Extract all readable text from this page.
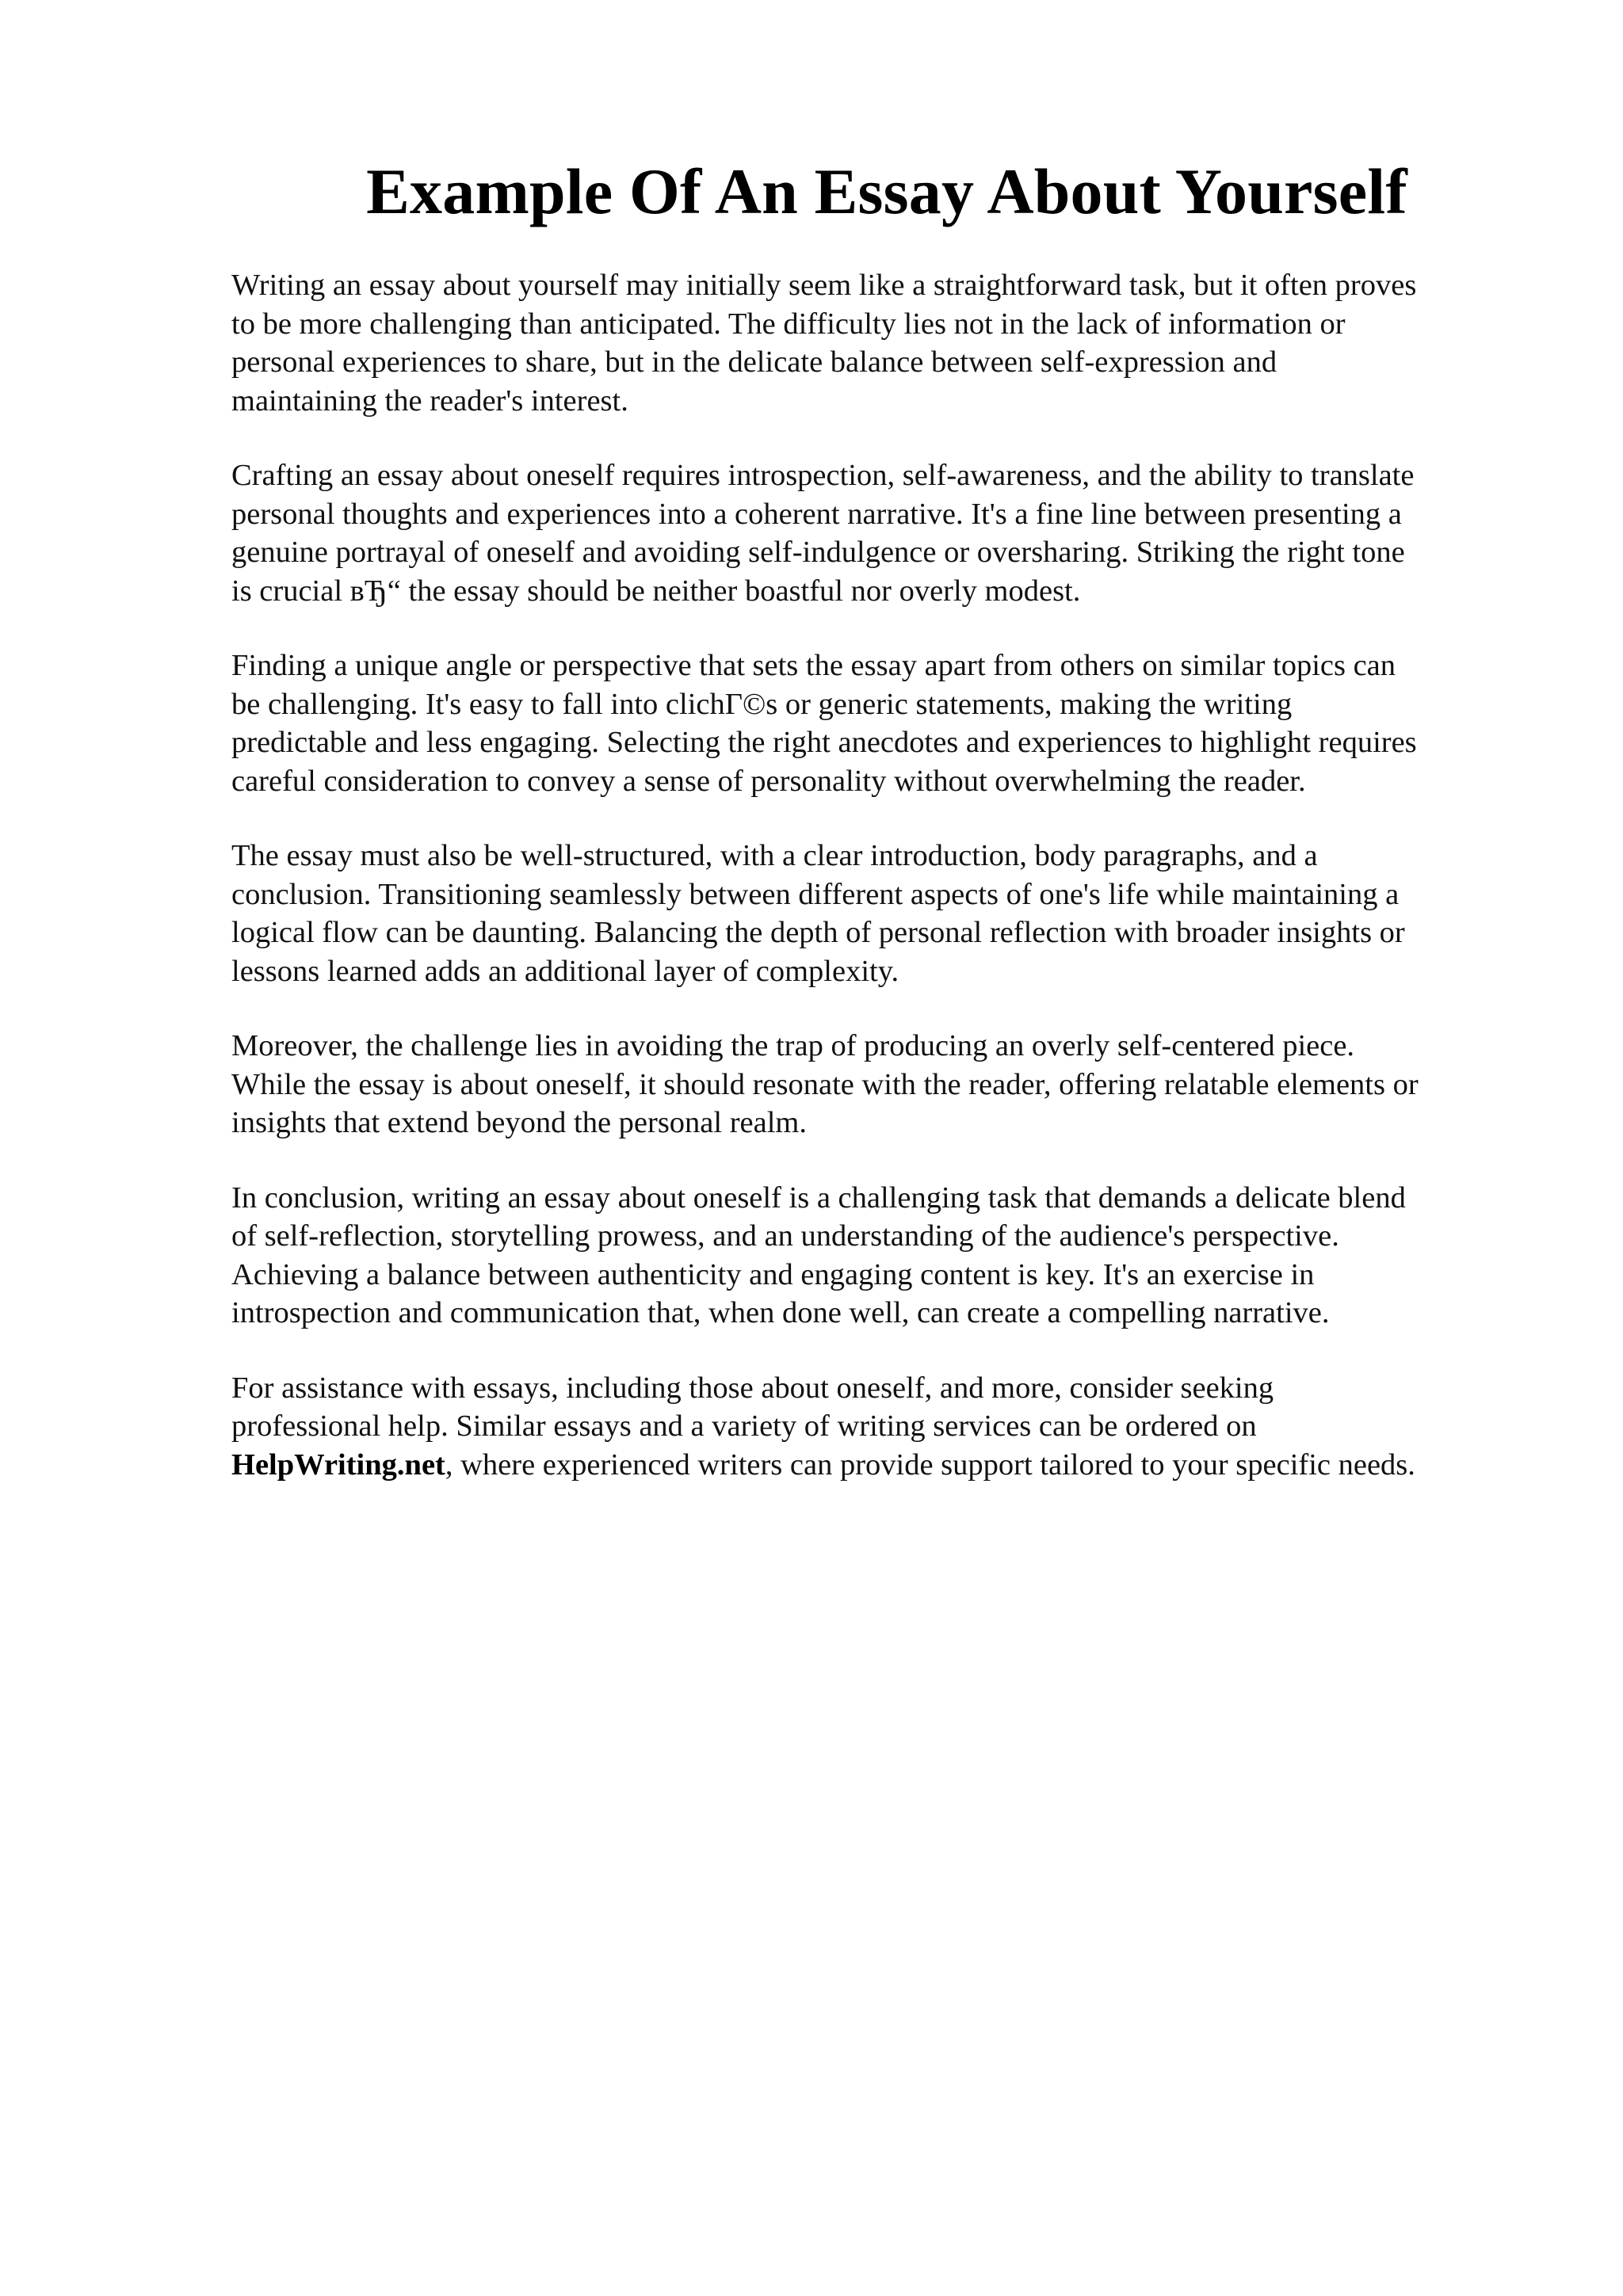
Example Of An Essay About Yourself

Writing an essay about yourself may initially seem like a straightforward task, but it often proves
to be more challenging than anticipated. The difficulty lies not in the lack of information or
personal experiences to share, but in the delicate balance between self-expression and
maintaining the reader's interest.

Crafting an essay about oneself requires introspection, self-awareness, and the ability to translate
personal thoughts and experiences into a coherent narrative. It's a fine line between presenting a
genuine portrayal of oneself and avoiding self-indulgence or oversharing. Striking the right tone
is crucial вЂ“ the essay should be neither boastful nor overly modest.

Finding a unique angle or perspective that sets the essay apart from others on similar topics can
be challenging. It's easy to fall into clichГ©s or generic statements, making the writing
predictable and less engaging. Selecting the right anecdotes and experiences to highlight requires
careful consideration to convey a sense of personality without overwhelming the reader.

The essay must also be well-structured, with a clear introduction, body paragraphs, and a
conclusion. Transitioning seamlessly between different aspects of one's life while maintaining a
logical flow can be daunting. Balancing the depth of personal reflection with broader insights or
lessons learned adds an additional layer of complexity.

Moreover, the challenge lies in avoiding the trap of producing an overly self-centered piece.
While the essay is about oneself, it should resonate with the reader, offering relatable elements or
insights that extend beyond the personal realm.

In conclusion, writing an essay about oneself is a challenging task that demands a delicate blend
of self-reflection, storytelling prowess, and an understanding of the audience's perspective.
Achieving a balance between authenticity and engaging content is key. It's an exercise in
introspection and communication that, when done well, can create a compelling narrative.

For assistance with essays, including those about oneself, and more, consider seeking
professional help. Similar essays and a variety of writing services can be ordered on
HelpWriting.net, where experienced writers can provide support tailored to your specific needs.
